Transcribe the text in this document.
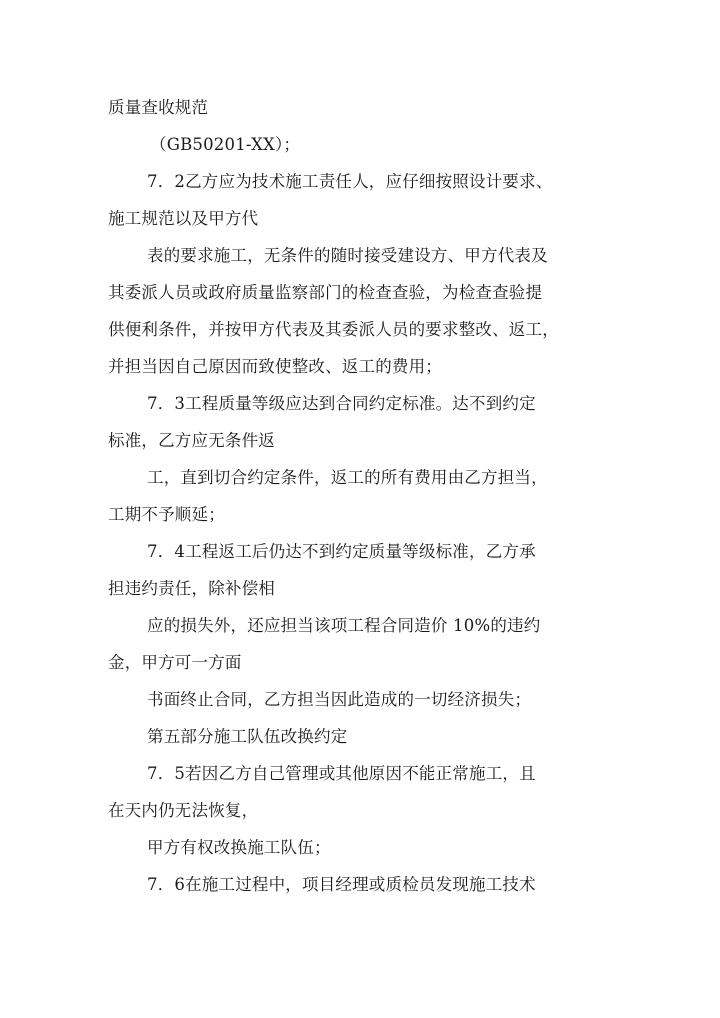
质量查收规范
（GB50201-XX）；
7．2乙方应为技术施工责任人，应仔细按照设计要求、
施工规范以及甲方代
表的要求施工，无条件的随时接受建设方、甲方代表及
其委派人员或政府质量监察部门的检查查验，为检查查验提
供便利条件，并按甲方代表及其委派人员的要求整改、返工，
并担当因自己原因而致使整改、返工的费用；
7．3工程质量等级应达到合同约定标准。达不到约定
标准，乙方应无条件返
工，直到切合约定条件，返工的所有费用由乙方担当，
工期不予顺延；
7．4工程返工后仍达不到约定质量等级标准，乙方承
担违约责任，除补偿相
应的损失外，还应担当该项工程合同造价 10%的违约
金，甲方可一方面
书面终止合同，乙方担当因此造成的一切经济损失；
第五部分施工队伍改换约定
7．5若因乙方自己管理或其他原因不能正常施工，且
在天内仍无法恢复，
甲方有权改换施工队伍；
7．6在施工过程中，项目经理或质检员发现施工技术
